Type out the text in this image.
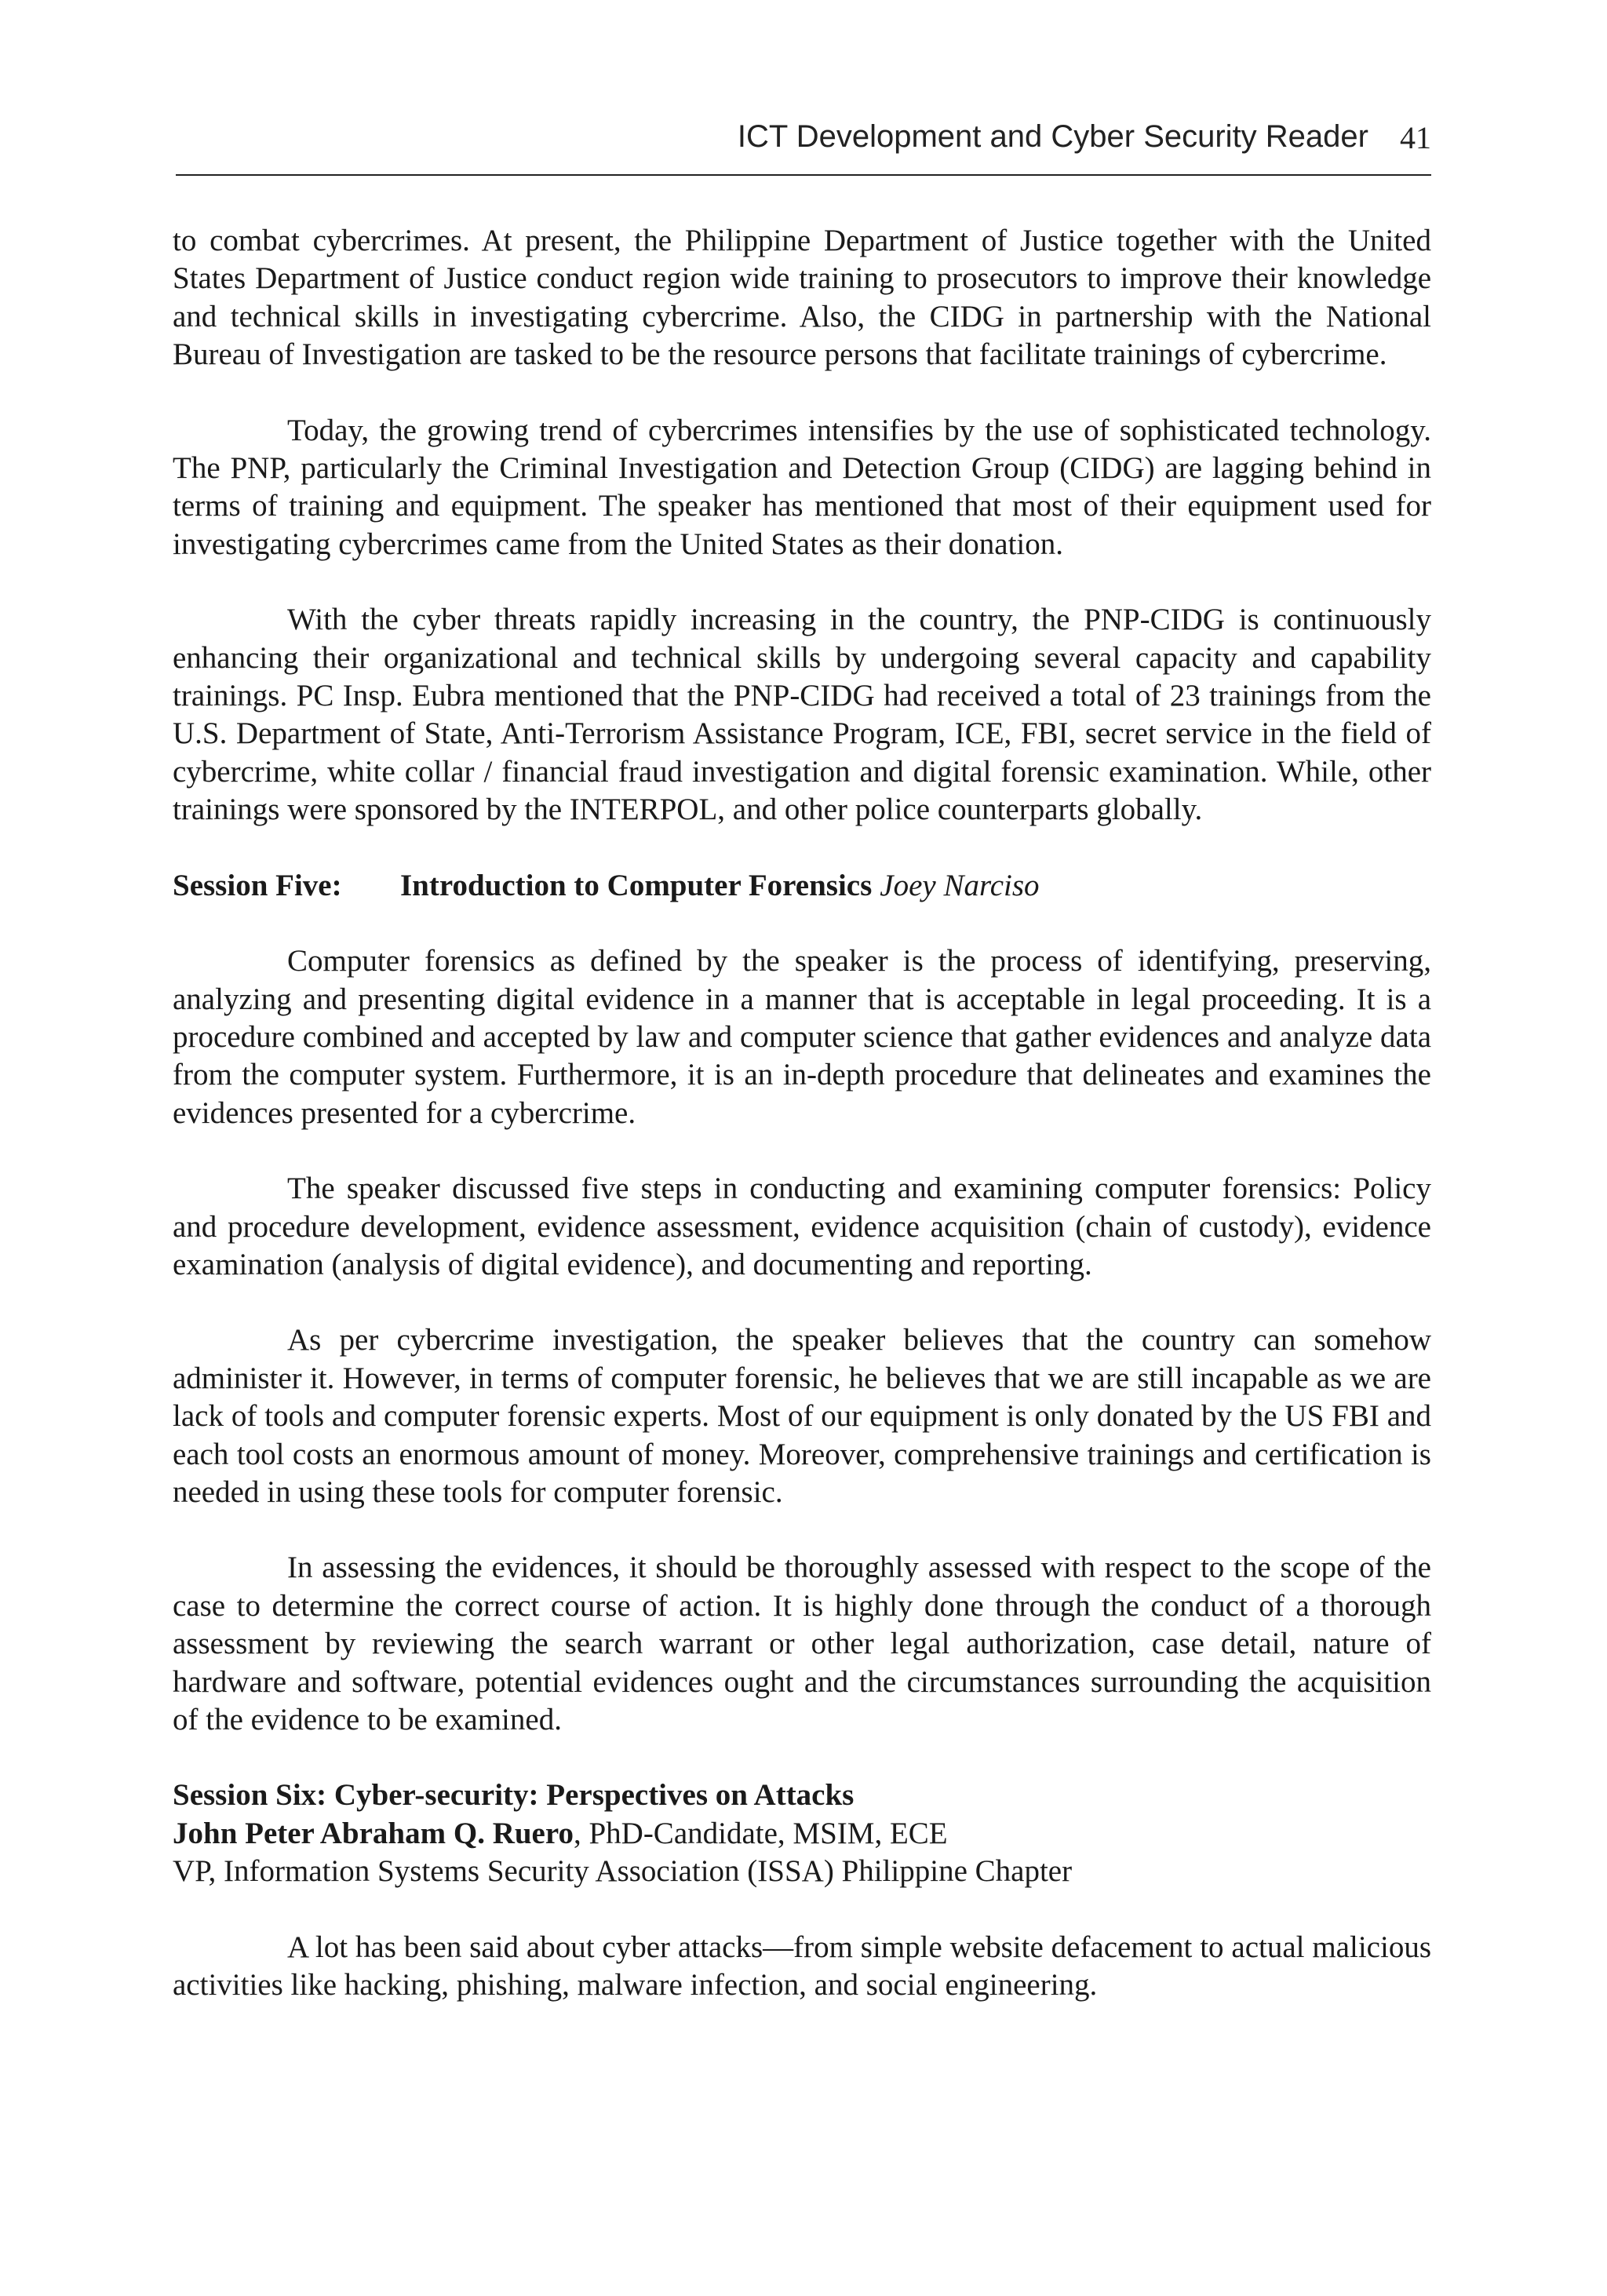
ICT Development and Cyber Security Reader 41

to combat cybercrimes. At present, the Philippine Department of Justice together with the United States Department of Justice conduct region wide training to prosecutors to improve their knowledge and technical skills in investigating cybercrime. Also, the CIDG in partnership with the National Bureau of Investigation are tasked to be the resource persons that facilitate trainings of cybercrime.

Today, the growing trend of cybercrimes intensifies by the use of sophisticated technology. The PNP, particularly the Criminal Investigation and Detection Group (CIDG) are lagging behind in terms of training and equipment. The speaker has mentioned that most of their equipment used for investigating cybercrimes came from the United States as their donation.

With the cyber threats rapidly increasing in the country, the PNP-CIDG is continuously enhancing their organizational and technical skills by undergoing several capacity and capability trainings. PC Insp. Eubra mentioned that the PNP-CIDG had received a total of 23 trainings from the U.S. Department of State, Anti-Terrorism Assistance Program, ICE, FBI, secret service in the field of cybercrime, white collar / financial fraud investigation and digital forensic examination. While, other trainings were sponsored by the INTERPOL, and other police counterparts globally.

Session Five: Introduction to Computer Forensics Joey Narciso

Computer forensics as defined by the speaker is the process of identifying, preserving, analyzing and presenting digital evidence in a manner that is acceptable in legal proceeding. It is a procedure combined and accepted by law and computer science that gather evidences and analyze data from the computer system. Furthermore, it is an in-depth procedure that delineates and examines the evidences presented for a cybercrime.

The speaker discussed five steps in conducting and examining computer forensics: Policy and procedure development, evidence assessment, evidence acquisition (chain of custody), evidence examination (analysis of digital evidence), and documenting and reporting.

As per cybercrime investigation, the speaker believes that the country can somehow administer it. However, in terms of computer forensic, he believes that we are still incapable as we are lack of tools and computer forensic experts. Most of our equipment is only donated by the US FBI and each tool costs an enormous amount of money. Moreover, comprehensive trainings and certification is needed in using these tools for computer forensic.

In assessing the evidences, it should be thoroughly assessed with respect to the scope of the case to determine the correct course of action. It is highly done through the conduct of a thorough assessment by reviewing the search warrant or other legal authorization, case detail, nature of hardware and software, potential evidences ought and the circumstances surrounding the acquisition of the evidence to be examined.

Session Six: Cyber-security: Perspectives on Attacks
John Peter Abraham Q. Ruero, PhD-Candidate, MSIM, ECE
VP, Information Systems Security Association (ISSA) Philippine Chapter

A lot has been said about cyber attacks—from simple website defacement to actual malicious activities like hacking, phishing, malware infection, and social engineering.
